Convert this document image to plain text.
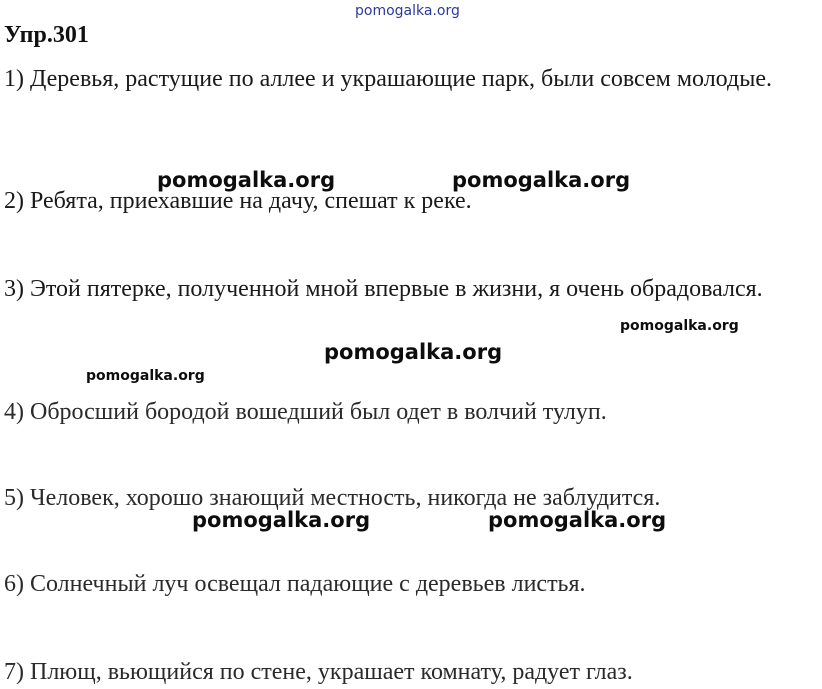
pomogalka.org
Упр.301

1) Деревья, растущие по аллее и украшающие парк, были совсем молодые.

pomogalka.org	pomogalka.org

2) Ребята, приехавшие на дачу, спешат к реке.

3) Этой пятерке, полученной мной впервые в жизни, я очень обрадовался.

pomogalka.org
pomogalka.org
pomogalka.org

4) Обросший бородой вошедший был одет в волчий тулуп.

5) Человек, хорошо знающий местность, никогда не заблудится.

pomogalka.org	pomogalka.org

6) Солнечный луч освещал падающие с деревьев листья.

7) Плющ, вьющийся по стене, украшает комнату, радует глаз.
